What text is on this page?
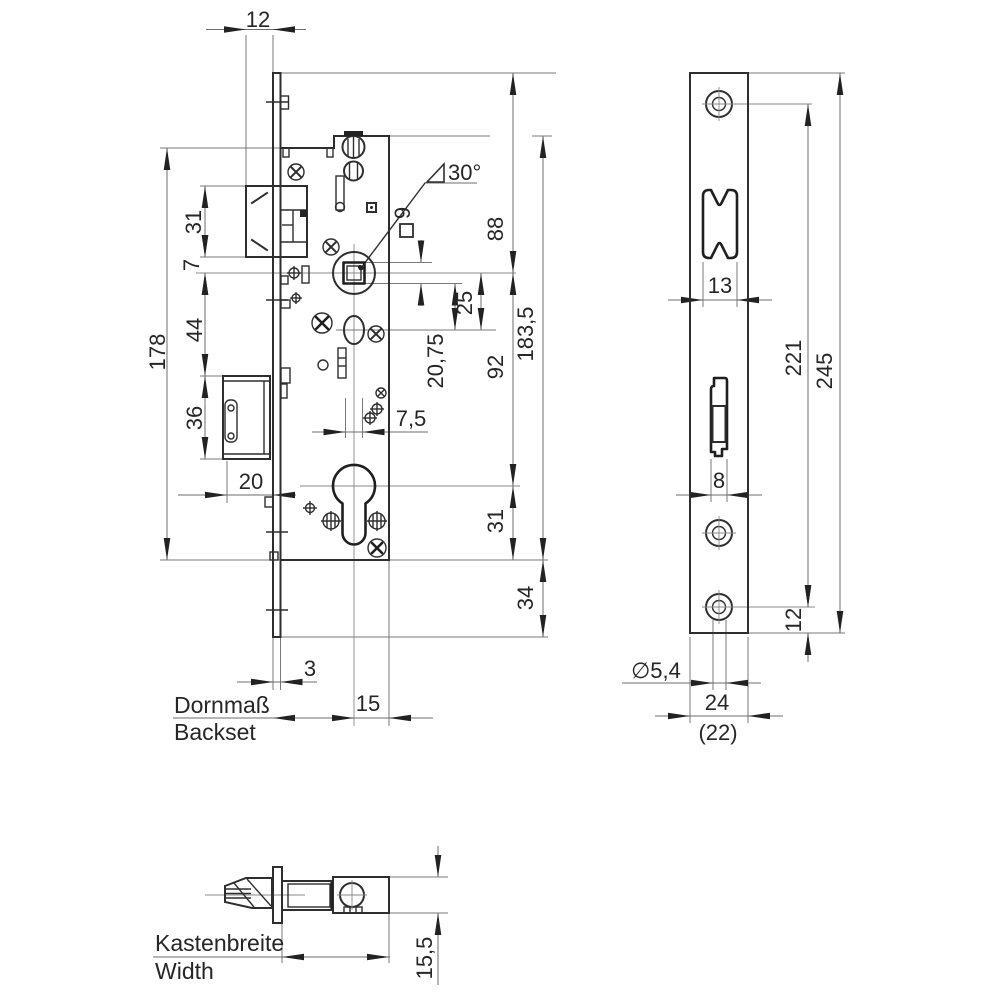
12
31
7
44
36
178
20
3
15
Dornmaß
Backset
88
92
31
183,5
34
25
20,75
7,5
9
30°
13
8
∅5,4
24
(22)
221 245
12
Kastenbreite
Width	15,5
